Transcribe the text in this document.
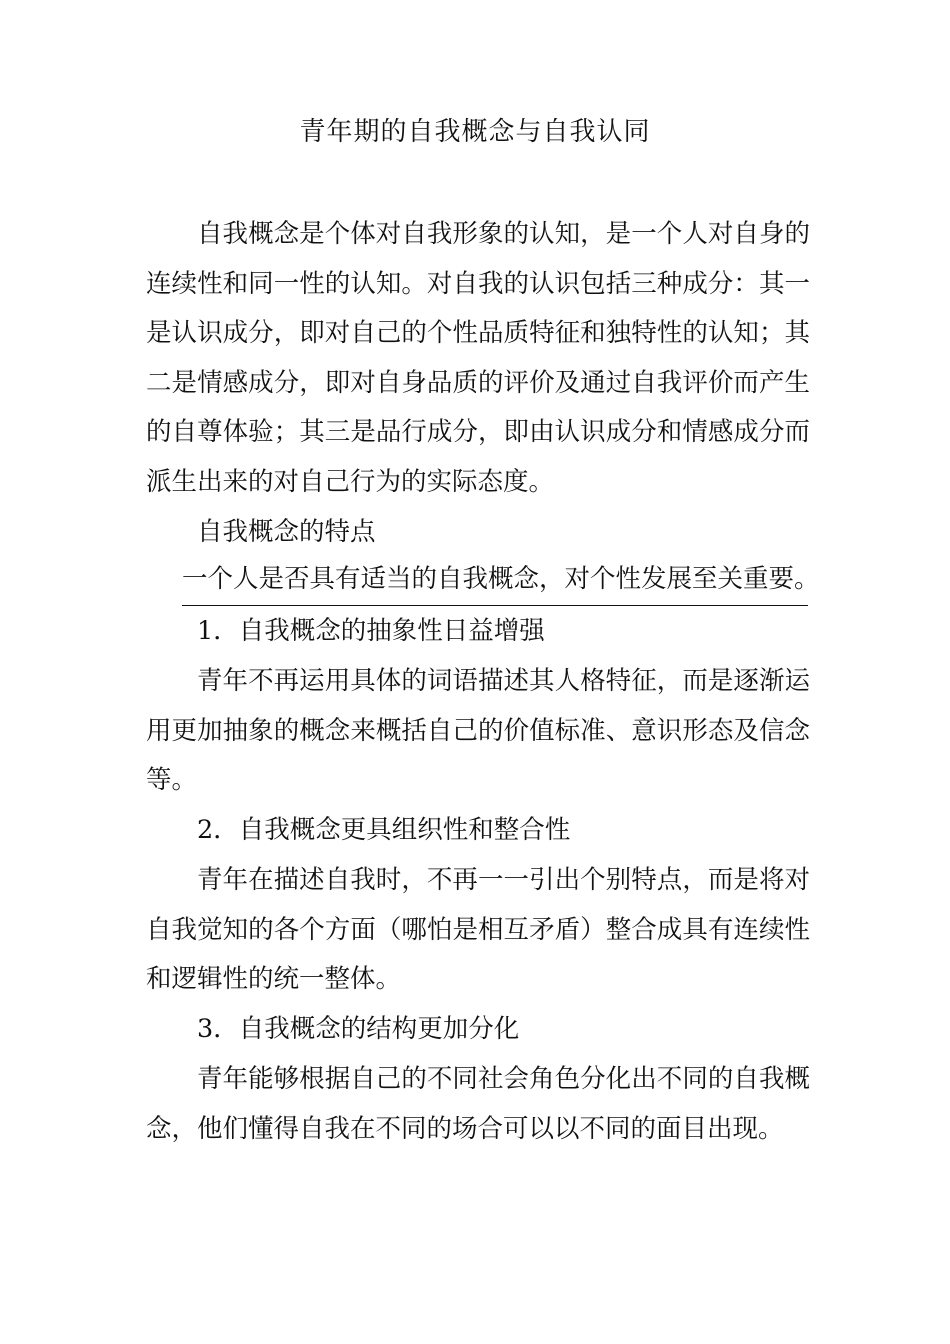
青年期的自我概念与自我认同

自我概念是个体对自我形象的认知，是一个人对自身的连续性和同一性的认知。对自我的认识包括三种成分：其一是认识成分，即对自己的个性品质特征和独特性的认知；其二是情感成分，即对自身品质的评价及通过自我评价而产生的自尊体验；其三是品行成分，即由认识成分和情感成分而派生出来的对自己行为的实际态度。

自我概念的特点

一个人是否具有适当的自我概念，对个性发展至关重要。

1．自我概念的抽象性日益增强

青年不再运用具体的词语描述其人格特征，而是逐渐运用更加抽象的概念来概括自己的价值标准、意识形态及信念等。

2．自我概念更具组织性和整合性

青年在描述自我时，不再一一引出个别特点，而是将对自我觉知的各个方面（哪怕是相互矛盾）整合成具有连续性和逻辑性的统一整体。

3．自我概念的结构更加分化

青年能够根据自己的不同社会角色分化出不同的自我概念，他们懂得自我在不同的场合可以以不同的面目出现。
